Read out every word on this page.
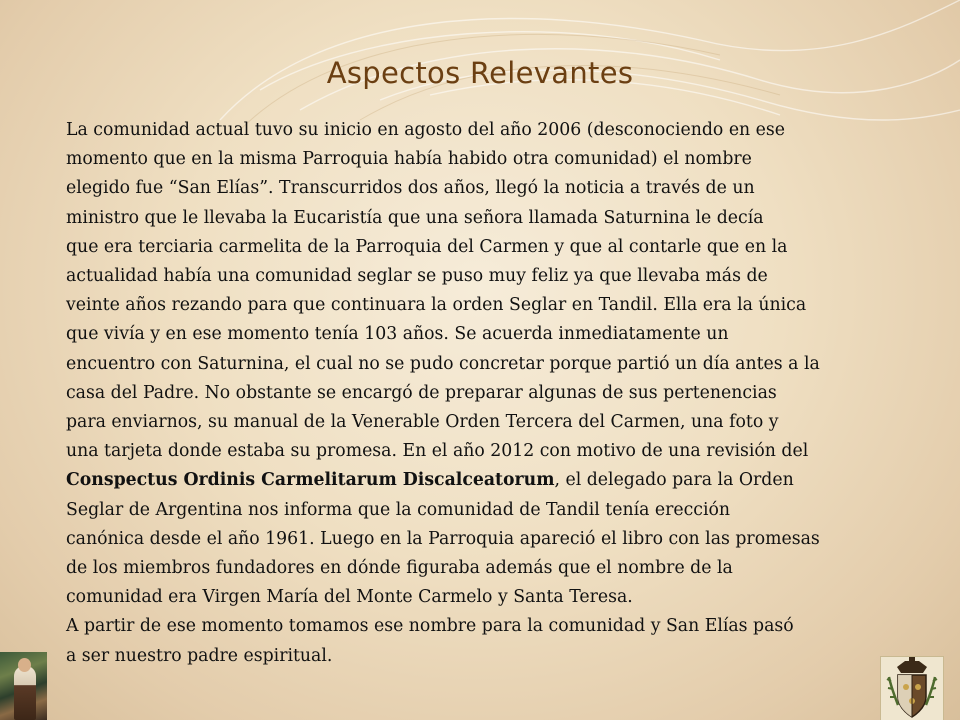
Aspectos Relevantes
La comunidad actual tuvo su inicio en agosto del año 2006 (desconociendo en ese
momento que en la misma Parroquia había habido otra comunidad) el nombre
elegido fue “San Elías”. Transcurridos dos años, llegó la noticia a través de un
ministro que le llevaba la Eucaristía que una señora llamada Saturnina le decía
que era terciaria carmelita de la Parroquia del Carmen y que al contarle que en la
actualidad había una comunidad seglar se puso muy feliz ya que llevaba más de
veinte años rezando para que continuara la orden Seglar en Tandil. Ella era la única
que vivía y en ese momento tenía 103 años. Se acuerda inmediatamente un
encuentro con Saturnina, el cual no se pudo concretar porque partió un día antes a la
casa del Padre. No obstante se encargó de preparar algunas de sus pertenencias
para enviarnos, su manual de la Venerable Orden Tercera del Carmen, una foto y
una tarjeta donde estaba su promesa. En el año 2012 con motivo de una revisión del
Conspectus Ordinis Carmelitarum Discalceatorum, el delegado para la Orden
Seglar de Argentina nos informa que la comunidad de Tandil tenía erección
canónica desde el año 1961. Luego en la Parroquia apareció el libro con las promesas
de los miembros fundadores en dónde figuraba además que el nombre de la
comunidad era Virgen María del Monte Carmelo y Santa Teresa.
A partir de ese momento tomamos ese nombre para la comunidad y San Elías pasó
a ser nuestro padre espiritual.
